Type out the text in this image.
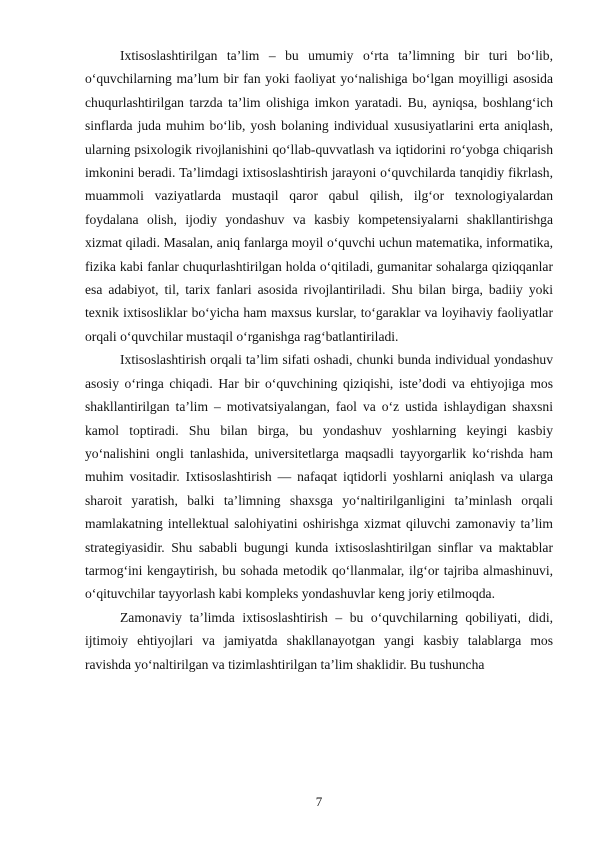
Ixtisoslashtirilgan ta’lim – bu umumiy o‘rta ta’limning bir turi bo‘lib, o‘quvchilarning ma’lum bir fan yoki faoliyat yo‘nalishiga bo‘lgan moyilligi asosida chuqurlashtirilgan tarzda ta’lim olishiga imkon yaratadi. Bu, ayniqsa, boshlang‘ich sinflarda juda muhim bo‘lib, yosh bolaning individual xususiyatlarini erta aniqlash, ularning psixologik rivojlanishini qo‘llab-quvvatlash va iqtidorini ro‘yobga chiqarish imkonini beradi. Ta’limdagi ixtisoslashtirish jarayoni o‘quvchilarda tanqidiy fikrlash, muammoli vaziyatlarda mustaqil qaror qabul qilish, ilg‘or texnologiyalardan foydalana olish, ijodiy yondashuv va kasbiy kompetensiyalarni shakllantirishga xizmat qiladi. Masalan, aniq fanlarga moyil o‘quvchi uchun matematika, informatika, fizika kabi fanlar chuqurlashtirilgan holda o‘qitiladi, gumanitar sohalarga qiziqqanlar esa adabiyot, til, tarix fanlari asosida rivojlantiriladi. Shu bilan birga, badiiy yoki texnik ixtisosliklar bo‘yicha ham maxsus kurslar, to‘garaklar va loyihaviy faoliyatlar orqali o‘quvchilar mustaqil o‘rganishga rag‘batlantiriladi.

Ixtisoslashtirish orqali ta’lim sifati oshadi, chunki bunda individual yondashuv asosiy o‘ringa chiqadi. Har bir o‘quvchining qiziqishi, iste’dodi va ehtiyojiga mos shakllantirilgan ta’lim – motivatsiyalangan, faol va o‘z ustida ishlaydigan shaxsni kamol toptiradi. Shu bilan birga, bu yondashuv yoshlarning keyingi kasbiy yo‘nalishini ongli tanlashida, universitetlarga maqsadli tayyorgarlik ko‘rishda ham muhim vositadir. Ixtisoslashtirish — nafaqat iqtidorli yoshlarni aniqlash va ularga sharoit yaratish, balki ta’limning shaxsga yo‘naltirilganligini ta’minlash orqali mamlakatning intellektual salohiyatini oshirishga xizmat qiluvchi zamonaviy ta’lim strategiyasidir. Shu sababli bugungi kunda ixtisoslashtirilgan sinflar va maktablar tarmog‘ini kengaytirish, bu sohada metodik qo‘llanmalar, ilg‘or tajriba almashinuvi, o‘qituvchilar tayyorlash kabi kompleks yondashuvlar keng joriy etilmoqda.

Zamonaviy ta’limda ixtisoslashtirish – bu o‘quvchilarning qobiliyati, didi, ijtimoiy ehtiyojlari va jamiyatda shakllanayotgan yangi kasbiy talablarga mos ravishda yo‘naltirilgan va tizimlashtirilgan ta’lim shaklidir. Bu tushuncha

7
